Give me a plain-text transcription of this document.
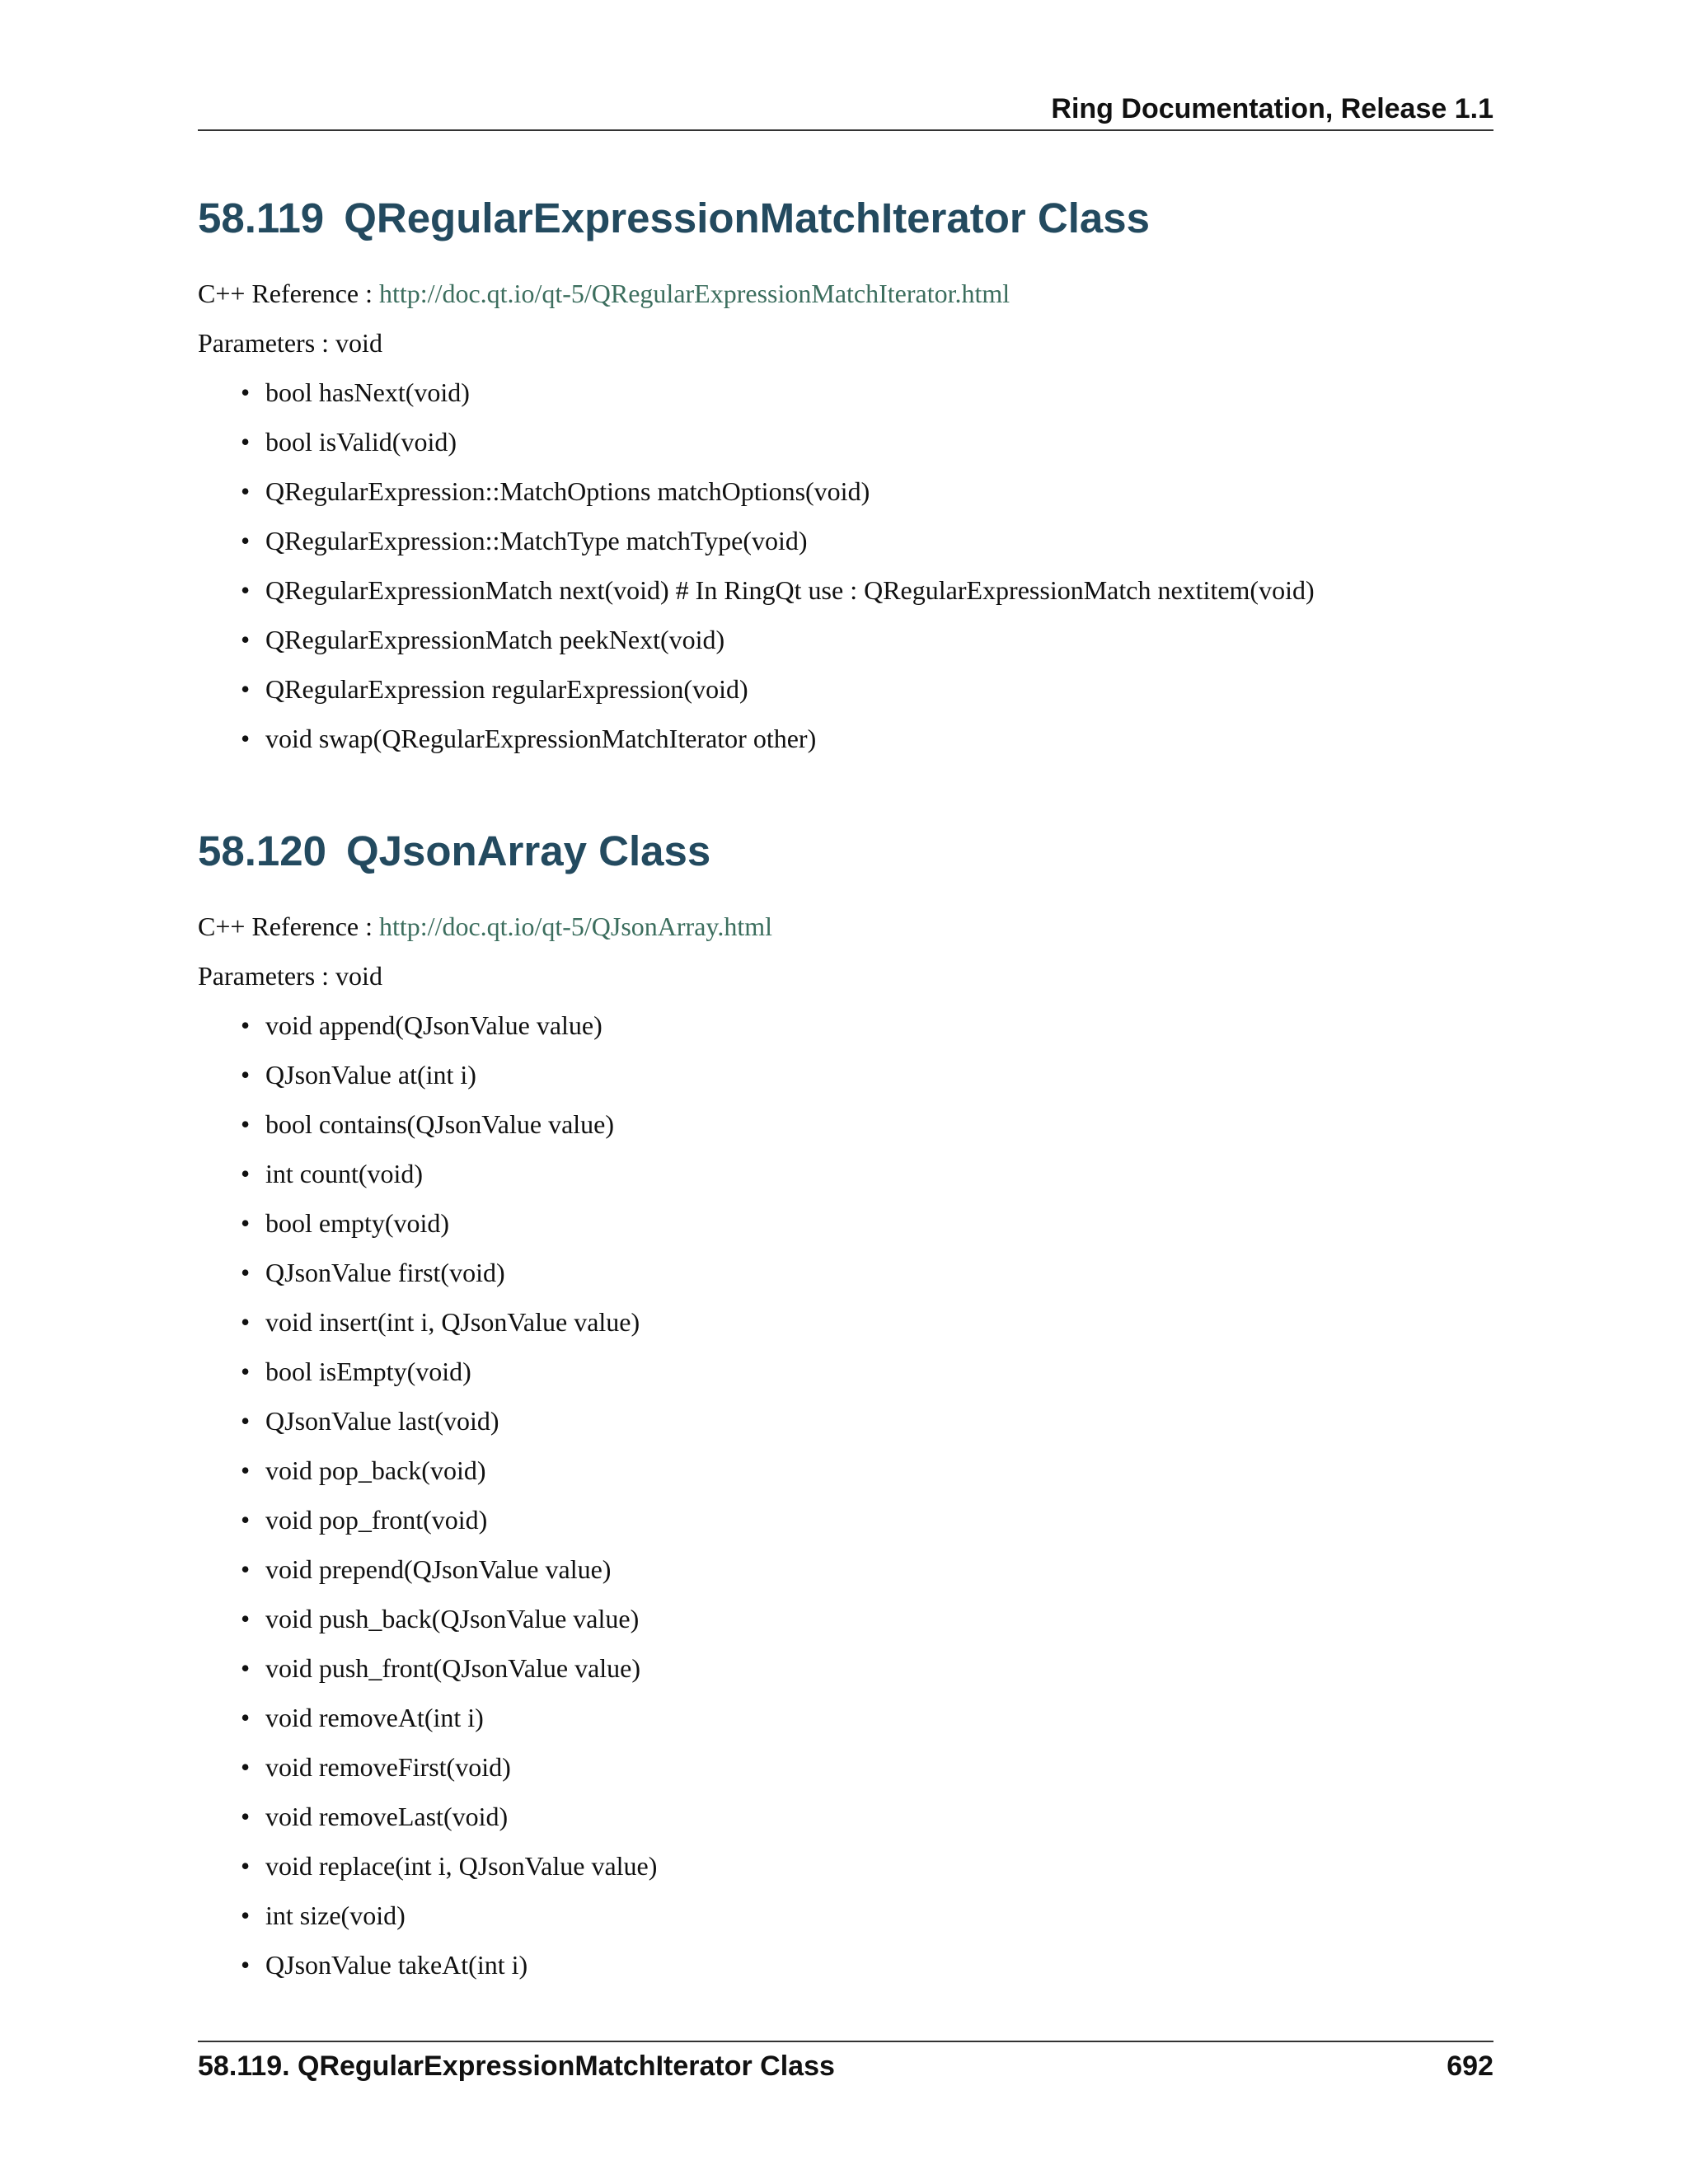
Ring Documentation, Release 1.1
58.119 QRegularExpressionMatchIterator Class
C++ Reference : http://doc.qt.io/qt-5/QRegularExpressionMatchIterator.html
Parameters : void
• bool hasNext(void)
• bool isValid(void)
• QRegularExpression::MatchOptions matchOptions(void)
• QRegularExpression::MatchType matchType(void)
• QRegularExpressionMatch next(void) # In RingQt use : QRegularExpressionMatch nextitem(void)
• QRegularExpressionMatch peekNext(void)
• QRegularExpression regularExpression(void)
• void swap(QRegularExpressionMatchIterator other)
58.120 QJsonArray Class
C++ Reference : http://doc.qt.io/qt-5/QJsonArray.html
Parameters : void
• void append(QJsonValue value)
• QJsonValue at(int i)
• bool contains(QJsonValue value)
• int count(void)
• bool empty(void)
• QJsonValue first(void)
• void insert(int i, QJsonValue value)
• bool isEmpty(void)
• QJsonValue last(void)
• void pop_back(void)
• void pop_front(void)
• void prepend(QJsonValue value)
• void push_back(QJsonValue value)
• void push_front(QJsonValue value)
• void removeAt(int i)
• void removeFirst(void)
• void removeLast(void)
• void replace(int i, QJsonValue value)
• int size(void)
• QJsonValue takeAt(int i)
58.119. QRegularExpressionMatchIterator Class	692
